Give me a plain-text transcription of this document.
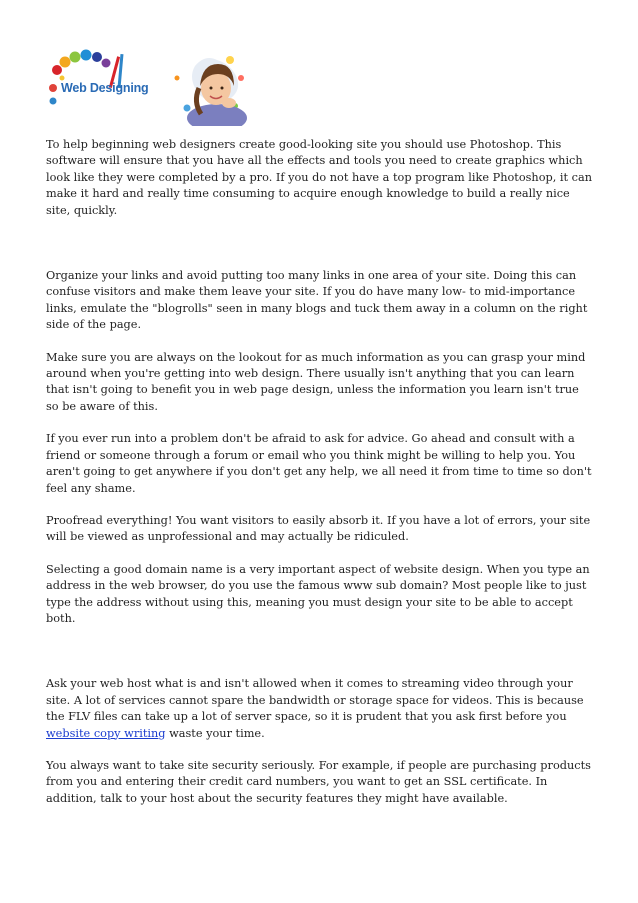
Web Designing

To help beginning web designers create good-looking site you should use Photoshop. This software will ensure that you have all the effects and tools you need to create graphics which look like they were completed by a pro. If you do not have a top program like Photoshop, it can make it hard and really time consuming to acquire enough knowledge to build a really nice site, quickly.

Organize your links and avoid putting too many links in one area of your site. Doing this can confuse visitors and make them leave your site. If you do have many low- to mid-importance links, emulate the "blogrolls" seen in many blogs and tuck them away in a column on the right side of the page.

Make sure you are always on the lookout for as much information as you can grasp your mind around when you're getting into web design. There usually isn't anything that you can learn that isn't going to benefit you in web page design, unless the information you learn isn't true so be aware of this.

If you ever run into a problem don't be afraid to ask for advice. Go ahead and consult with a friend or someone through a forum or email who you think might be willing to help you. You aren't going to get anywhere if you don't get any help, we all need it from time to time so don't feel any shame.

Proofread everything! You want visitors to easily absorb it. If you have a lot of errors, your site will be viewed as unprofessional and may actually be ridiculed.

Selecting a good domain name is a very important aspect of website design. When you type an address in the web browser, do you use the famous www sub domain? Most people like to just type the address without using this, meaning you must design your site to be able to accept both.

Ask your web host what is and isn't allowed when it comes to streaming video through your site. A lot of services cannot spare the bandwidth or storage space for videos. This is because the FLV files can take up a lot of server space, so it is prudent that you ask first before you website copy writing waste your time.

You always want to take site security seriously. For example, if people are purchasing products from you and entering their credit card numbers, you want to get an SSL certificate. In addition, talk to your host about the security features they might have available.
